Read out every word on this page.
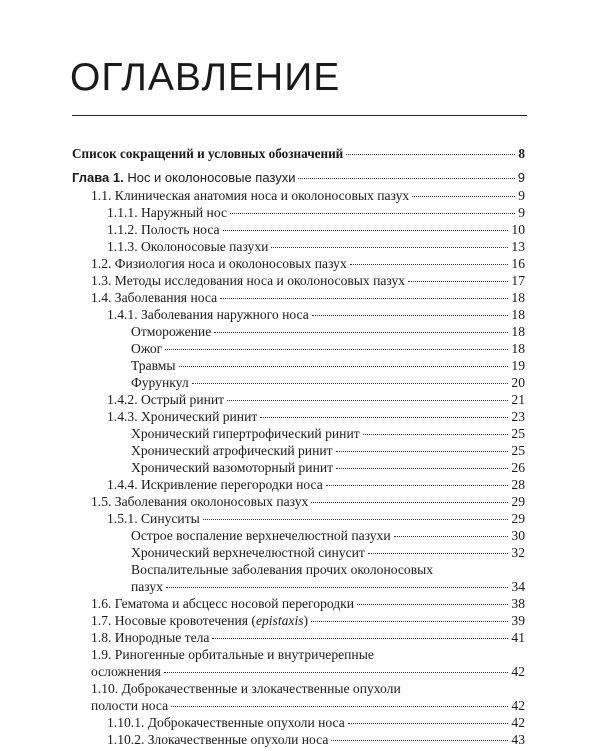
ОГЛАВЛЕНИЕ
Список сокращений и условных обозначений	8
Глава 1. Нос и околоносовые пазухи	9
1.1. Клиническая анатомия носа и околоносовых пазух	9
1.1.1. Наружный нос	9
1.1.2. Полость носа	10
1.1.3. Околоносовые пазухи	13
1.2. Физиология носа и околоносовых пазух	16
1.3. Методы исследования носа и околоносовых пазух	17
1.4. Заболевания носа	18
1.4.1. Заболевания наружного носа	18
Отморожение	18
Ожог	18
Травмы	19
Фурункул	20
1.4.2. Острый ринит	21
1.4.3. Хронический ринит	23
Хронический гипертрофический ринит	25
Хронический атрофический ринит	25
Хронический вазомоторный ринит	26
1.4.4. Искривление перегородки носа	28
1.5. Заболевания околоносовых пазух	29
1.5.1. Синуситы	29
Острое воспаление верхнечелюстной пазухи	30
Хронический верхнечелюстной синусит	32
Воспалительные заболевания прочих околоносовых
пазух	34
1.6. Гематома и абсцесс носовой перегородки	38
1.7. Носовые кровотечения (epistaxis)	39
1.8. Инородные тела	41
1.9. Риногенные орбитальные и внутричерепные
осложнения	42
1.10. Доброкачественные и злокачественные опухоли
полости носа	42
1.10.1. Доброкачественные опухоли носа	42
1.10.2. Злокачественные опухоли носа	43
